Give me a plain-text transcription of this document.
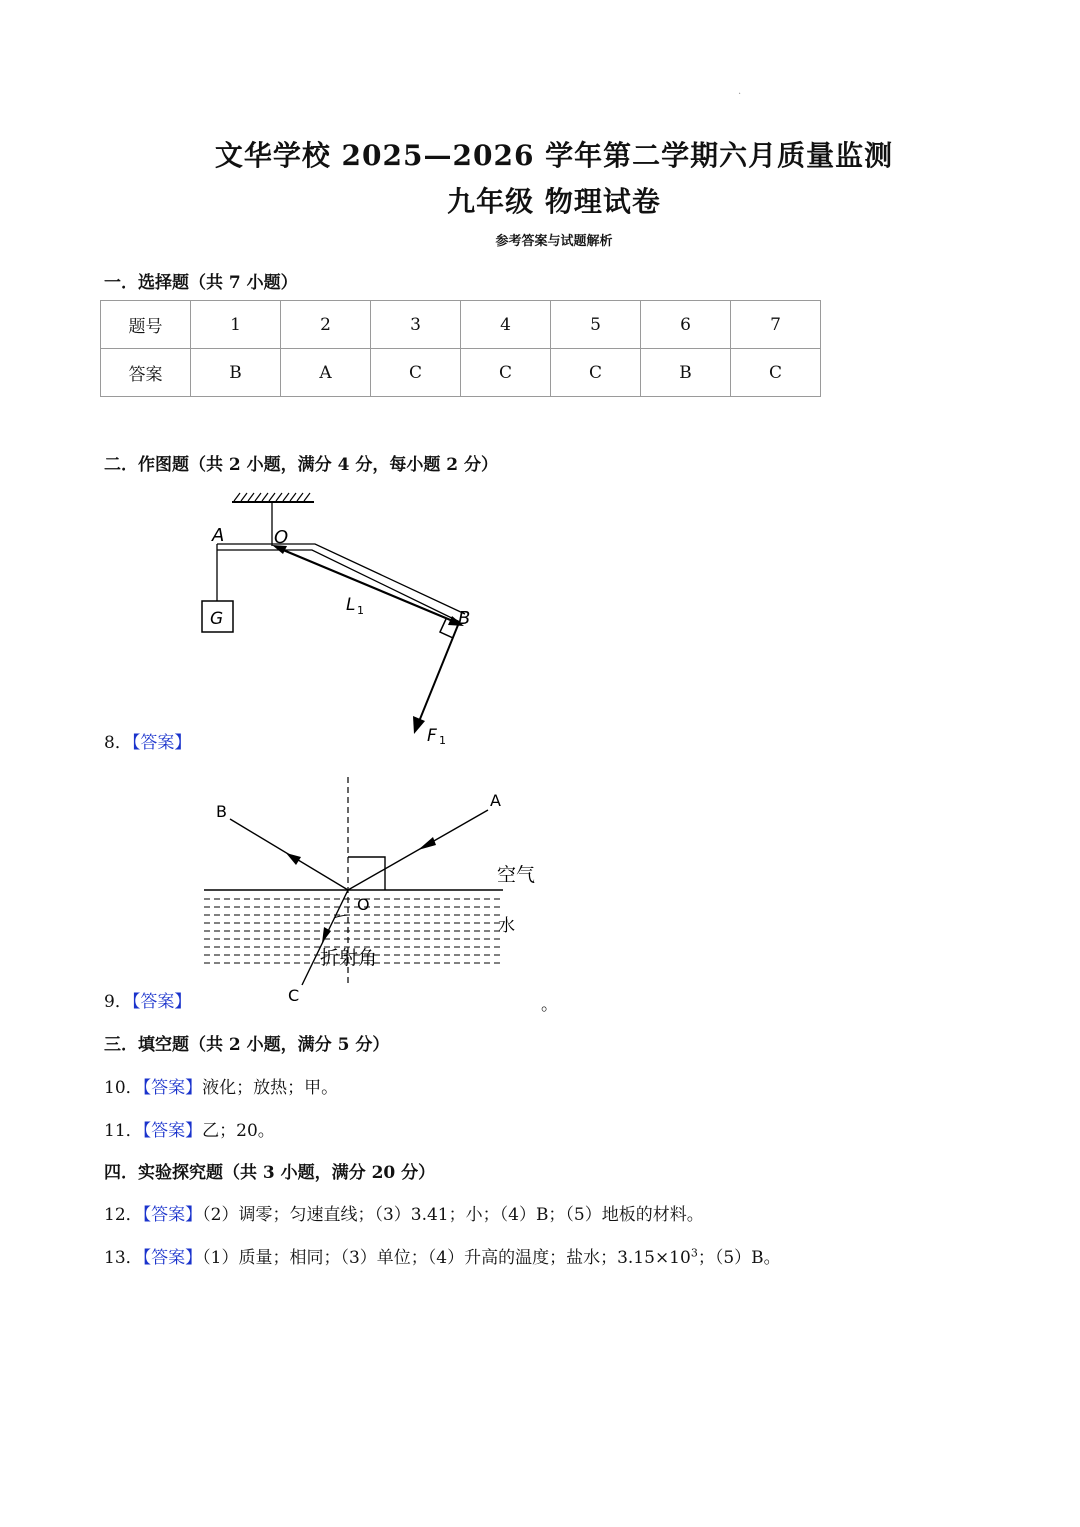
.
文华学校 2025—2026 学年第二学期六月质量监测
九年级 物理试卷
参考答案与试题解析
一．选择题（共 7 小题）
题号	1	2	3	4	5	6	7
答案	B	A	C	C	C	B	C
二．作图题（共 2 小题，满分 4 分，每小题 2 分）
A	O
G
L 1	B
F 1
8．【答案】
B
A
O
C
空气
水
折射角
9．【答案】	。
三．填空题（共 2 小题，满分 5 分）
10．【答案】液化；放热；甲。
11．【答案】乙；20。
四．实验探究题（共 3 小题，满分 20 分）
12．【答案】（2）调零；匀速直线；（3）3.41；小；（4）B；（5）地板的材料。
13．【答案】（1）质量；相同；（3）单位；（4）升高的温度；盐水；$3.15\times 10^3$；（5）B。
